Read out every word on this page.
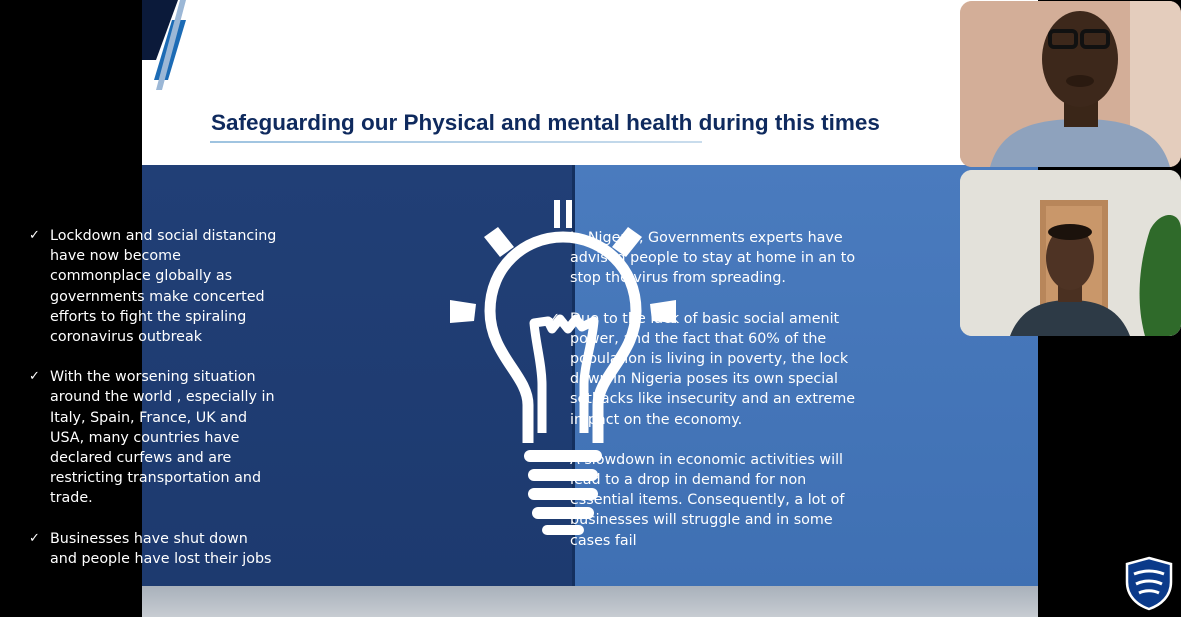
Safeguarding our Physical and mental health during this times
✓ Lockdown and social distancing have now become commonplace globally as governments make concerted efforts to fight the spiraling coronavirus outbreak
✓ With the worsening situation around the world , especially in Italy, Spain, France, UK and USA, many countries have declared curfews and are restricting transportation and trade.
✓ Businesses have shut down and people have lost their jobs
✓ In Nigeria, Governments experts have advised people to stay at home in an to stop the virus from spreading.
✓ Due to the lack of basic social amenit power, and the fact that 60% of the population is living in poverty, the lock down in Nigeria poses its own special setbacks like insecurity and an extreme impact on the economy.
✓ A slowdown in economic activities will lead to a drop in demand for non essential items. Consequently, a lot of businesses will struggle and in some cases fail
